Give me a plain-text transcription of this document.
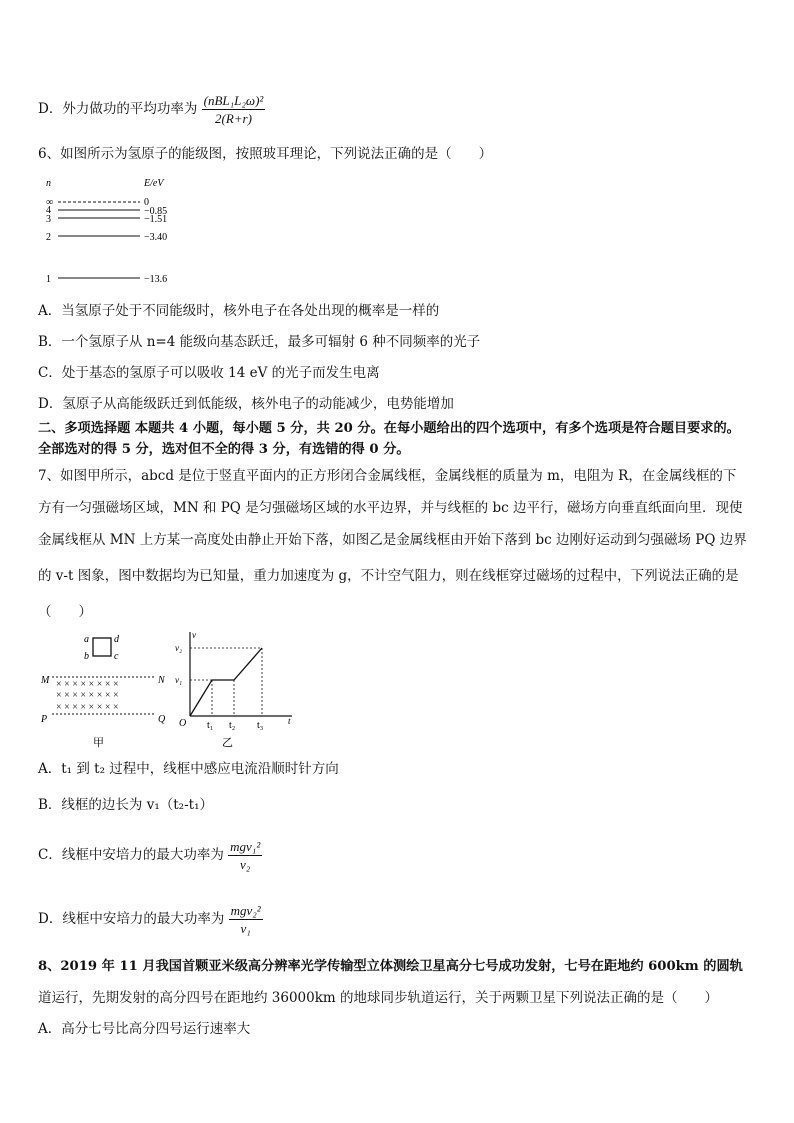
D．外力做功的平均功率为 $\frac{\text{(nBL₁L₂ω)²}}{2(R+r)}$
6、如图所示为氢原子的能级图，按照玻耳理论，下列说法正确的是（　　）
n	E/eV
∞
4
3
2
1
0
−0.85
−1.51
−3.40
−13.6
A．当氢原子处于不同能级时，核外电子在各处出现的概率是一样的
B．一个氢原子从 n=4 能级向基态跃迁，最多可辐射 6 种不同频率的光子
C．处于基态的氢原子可以吸收 14 eV 的光子而发生电离
D．氢原子从高能级跃迁到低能级，核外电子的动能减少，电势能增加
二、多项选择题 本题共 4 小题，每小题 5 分，共 20 分。在每小题给出的四个选项中，有多个选项是符合题目要求的。
全部选对的得 5 分，选对但不全的得 3 分，有选错的得 0 分。
7、如图甲所示，abcd 是位于竖直平面内的正方形闭合金属线框，金属线框的质量为 m，电阻为 R，在金属线框的下
方有一匀强磁场区域，MN 和 PQ 是匀强磁场区域的水平边界，并与线框的 bc 边平行，磁场方向垂直纸面向里．现使
金属线框从 MN 上方某一高度处由静止开始下落，如图乙是金属线框由开始下落到 bc 边刚好运动到匀强磁场 PQ 边界
的 v-t 图象，图中数据均为已知量，重力加速度为 g，不计空气阻力，则在线框穿过磁场的过程中，下列说法正确的是
（　　）
a	d
b	c
M	N
× × × × × × × ×
× × × × × × × ×
× × × × × × × ×
P	Q
甲
v
t
O
v₁
v₂
t₁ t₂ t₃
乙
A．t₁ 到 t₂ 过程中，线框中感应电流沿顺时针方向
B．线框的边长为 v₁（t₂-t₁）
C．线框中安培力的最大功率为 $\frac{\text{mgv₁²}}{\text{v₂}}$
D．线框中安培力的最大功率为 $\frac{\text{mgv₂²}}{\text{v₁}}$
8、2019 年 11 月我国首颗亚米级高分辨率光学传输型立体测绘卫星高分七号成功发射，七号在距地约 600km 的圆轨
道运行，先期发射的高分四号在距地约 36000km 的地球同步轨道运行，关于两颗卫星下列说法正确的是（　　）
A．高分七号比高分四号运行速率大
